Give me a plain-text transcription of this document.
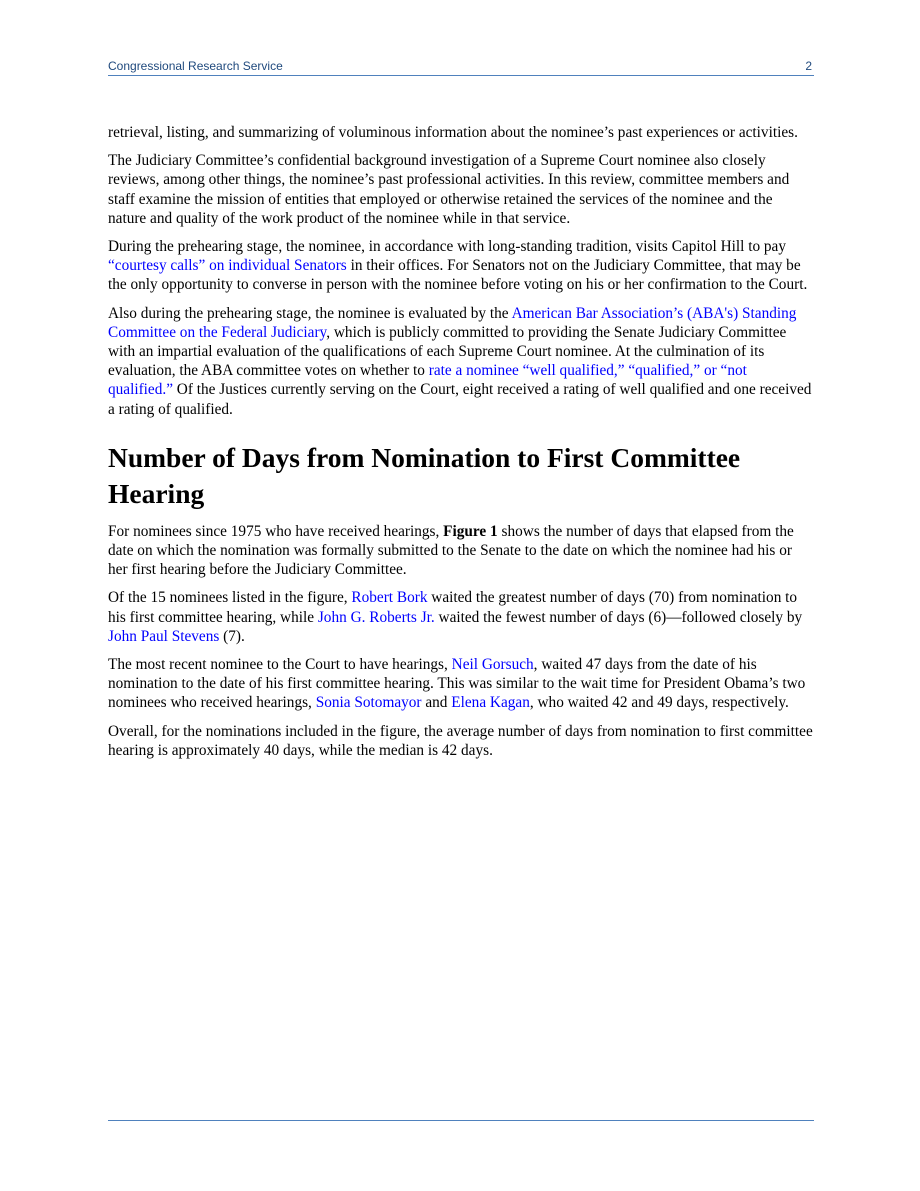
Congressional Research Service	2

retrieval, listing, and summarizing of voluminous information about the nominee’s past experiences or activities.

The Judiciary Committee’s confidential background investigation of a Supreme Court nominee also closely reviews, among other things, the nominee’s past professional activities. In this review, committee members and staff examine the mission of entities that employed or otherwise retained the services of the nominee and the nature and quality of the work product of the nominee while in that service.

During the prehearing stage, the nominee, in accordance with long-standing tradition, visits Capitol Hill to pay “courtesy calls” on individual Senators in their offices. For Senators not on the Judiciary Committee, that may be the only opportunity to converse in person with the nominee before voting on his or her confirmation to the Court.

Also during the prehearing stage, the nominee is evaluated by the American Bar Association’s (ABA's) Standing Committee on the Federal Judiciary, which is publicly committed to providing the Senate Judiciary Committee with an impartial evaluation of the qualifications of each Supreme Court nominee. At the culmination of its evaluation, the ABA committee votes on whether to rate a nominee “well qualified,” “qualified,” or “not qualified.” Of the Justices currently serving on the Court, eight received a rating of well qualified and one received a rating of qualified.

Number of Days from Nomination to First Committee Hearing

For nominees since 1975 who have received hearings, Figure 1 shows the number of days that elapsed from the date on which the nomination was formally submitted to the Senate to the date on which the nominee had his or her first hearing before the Judiciary Committee.

Of the 15 nominees listed in the figure, Robert Bork waited the greatest number of days (70) from nomination to his first committee hearing, while John G. Roberts Jr. waited the fewest number of days (6)—followed closely by John Paul Stevens (7).

The most recent nominee to the Court to have hearings, Neil Gorsuch, waited 47 days from the date of his nomination to the date of his first committee hearing. This was similar to the wait time for President Obama’s two nominees who received hearings, Sonia Sotomayor and Elena Kagan, who waited 42 and 49 days, respectively.

Overall, for the nominations included in the figure, the average number of days from nomination to first committee hearing is approximately 40 days, while the median is 42 days.
